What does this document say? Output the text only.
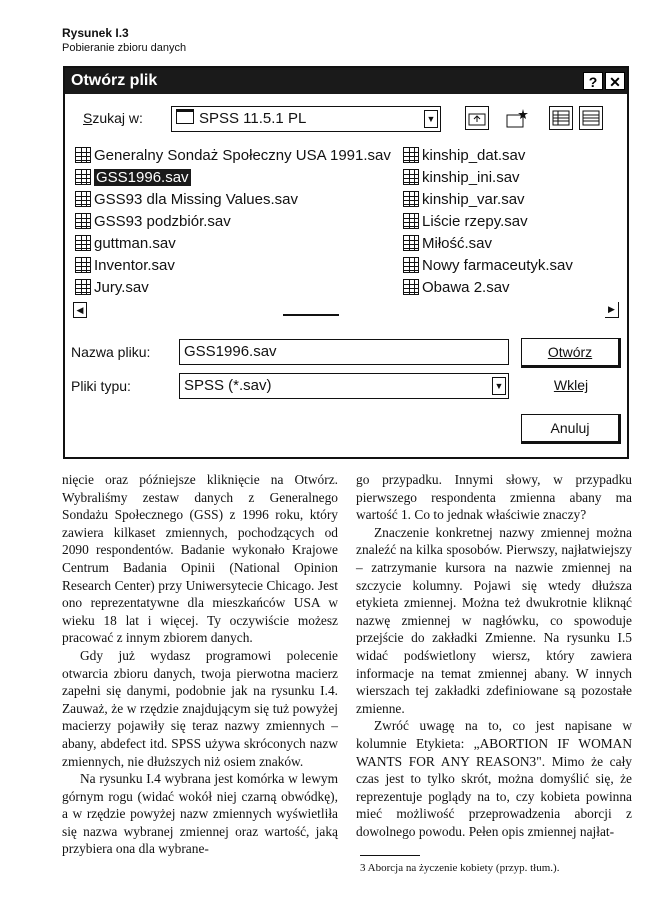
Rysunek I.3
Pobieranie zbioru danych
Otwórz plik	? ✕
Szukaj w:	SPSS 11.5.1 PL	▼
Generalny Sondaż Społeczny USA 1991.sav
GSS1996.sav
GSS93 dla Missing Values.sav
GSS93 podzbiór.sav
guttman.sav
Inventor.sav
Jury.sav
kinship_dat.sav
kinship_ini.sav
kinship_var.sav
Liście rzepy.sav
Miłość.sav
Nowy farmaceutyk.sav
Obawa 2.sav
◀	▶
Nazwa pliku:	GSS1996.sav	Otwórz
Pliki typu:	SPSS (*.sav)	▼	Wklej
Anuluj

nięcie oraz późniejsze kliknięcie na Otwórz. Wybraliśmy zestaw danych z Generalnego Sondażu Społecznego (GSS) z 1996 roku, który zawiera kilkaset zmiennych, pochodzących od 2090 respondentów. Badanie wykonało Krajowe Centrum Badania Opinii (National Opinion Research Center) przy Uniwersytecie Chicago. Jest ono reprezentatywne dla mieszkańców USA w wieku 18 lat i więcej. Ty oczywiście możesz pracować z innym zbiorem danych.

Gdy już wydasz programowi polecenie otwarcia zbioru danych, twoja pierwotna macierz zapełni się danymi, podobnie jak na rysunku I.4. Zauważ, że w rzędzie znajdującym się tuż powyżej macierzy pojawiły się teraz nazwy zmiennych – abany, abdefect itd. SPSS używa skróconych nazw zmiennych, nie dłuższych niż osiem znaków.

Na rysunku I.4 wybrana jest komórka w lewym górnym rogu (widać wokół niej czarną obwódkę), a w rzędzie powyżej nazw zmiennych wyświetliła się nazwa wybranej zmiennej oraz wartość, jaką przybiera ona dla wybrane-

go przypadku. Innymi słowy, w przypadku pierwszego respondenta zmienna abany ma wartość 1. Co to jednak właściwie znaczy?

Znaczenie konkretnej nazwy zmiennej można znaleźć na kilka sposobów. Pierwszy, najłatwiejszy – zatrzymanie kursora na nazwie zmiennej na szczycie kolumny. Pojawi się wtedy dłuższa etykieta zmiennej. Można też dwukrotnie kliknąć nazwę zmiennej w nagłówku, co spowoduje przejście do zakładki Zmienne. Na rysunku I.5 widać podświetlony wiersz, który zawiera informacje na temat zmiennej abany. W innych wierszach tej zakładki zdefiniowane są pozostałe zmienne.

Zwróć uwagę na to, co jest napisane w kolumnie Etykieta: „ABORTION IF WOMAN WANTS FOR ANY REASON3". Mimo że cały czas jest to tylko skrót, można domyślić się, że reprezentuje poglądy na to, czy kobieta powinna mieć możliwość przeprowadzenia aborcji z dowolnego powodu. Pełen opis zmiennej najłat-

3 Aborcja na życzenie kobiety (przyp. tłum.).
